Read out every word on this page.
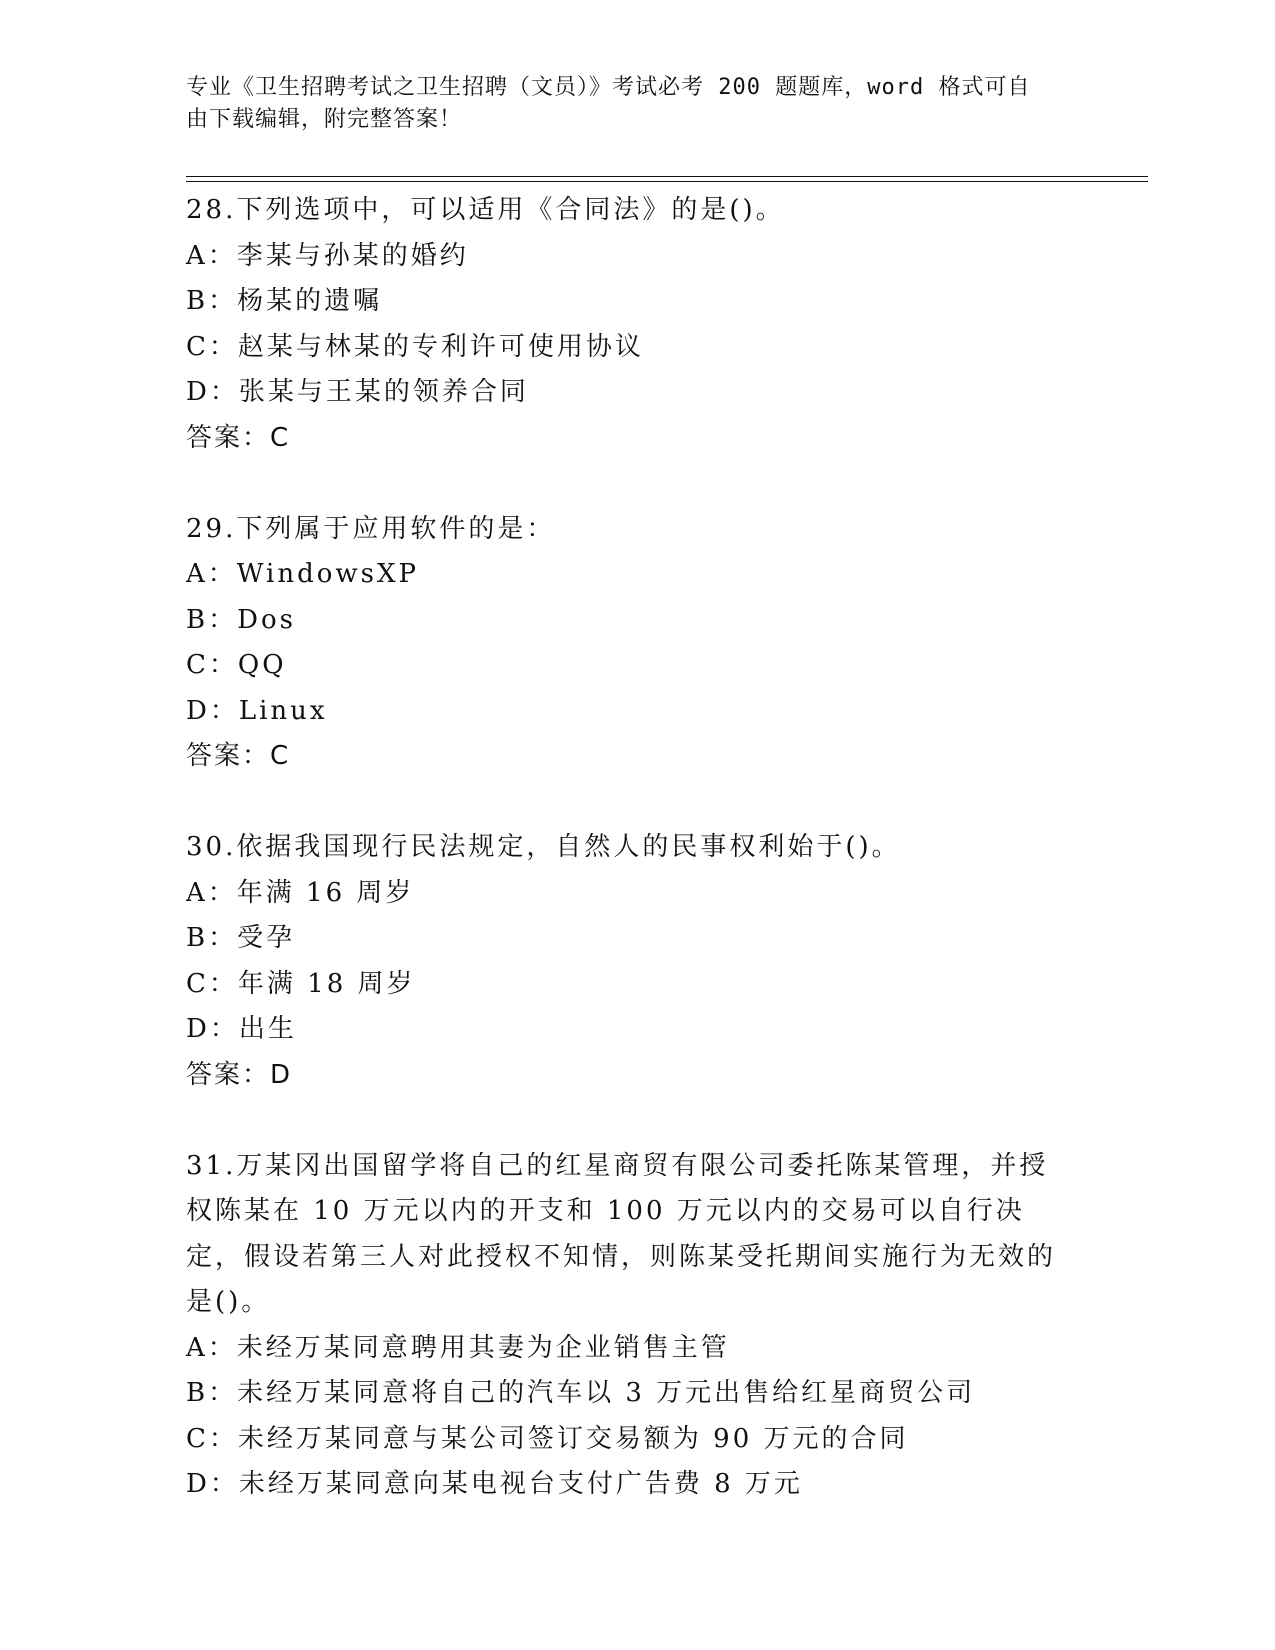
专业《卫生招聘考试之卫生招聘（文员）》考试必考 200 题题库，word 格式可自
由下载编辑，附完整答案！
28.下列选项中，可以适用《合同法》的是()。
A：李某与孙某的婚约
B：杨某的遗嘱
C：赵某与林某的专利许可使用协议
D：张某与王某的领养合同
答案：C
29.下列属于应用软件的是：
A：WindowsXP
B：Dos
C：QQ
D：Linux
答案：C
30.依据我国现行民法规定，自然人的民事权利始于()。
A：年满 16 周岁
B：受孕
C：年满 18 周岁
D：出生
答案：D
31.万某冈出国留学将自己的红星商贸有限公司委托陈某管理，并授权陈某在 10 万元以内的开支和 100 万元以内的交易可以自行决定，假设若第三人对此授权不知情，则陈某受托期间实施行为无效的是()。
A：未经万某同意聘用其妻为企业销售主管
B：未经万某同意将自己的汽车以 3 万元出售给红星商贸公司
C：未经万某同意与某公司签订交易额为 90 万元的合同
D：未经万某同意向某电视台支付广告费 8 万元
